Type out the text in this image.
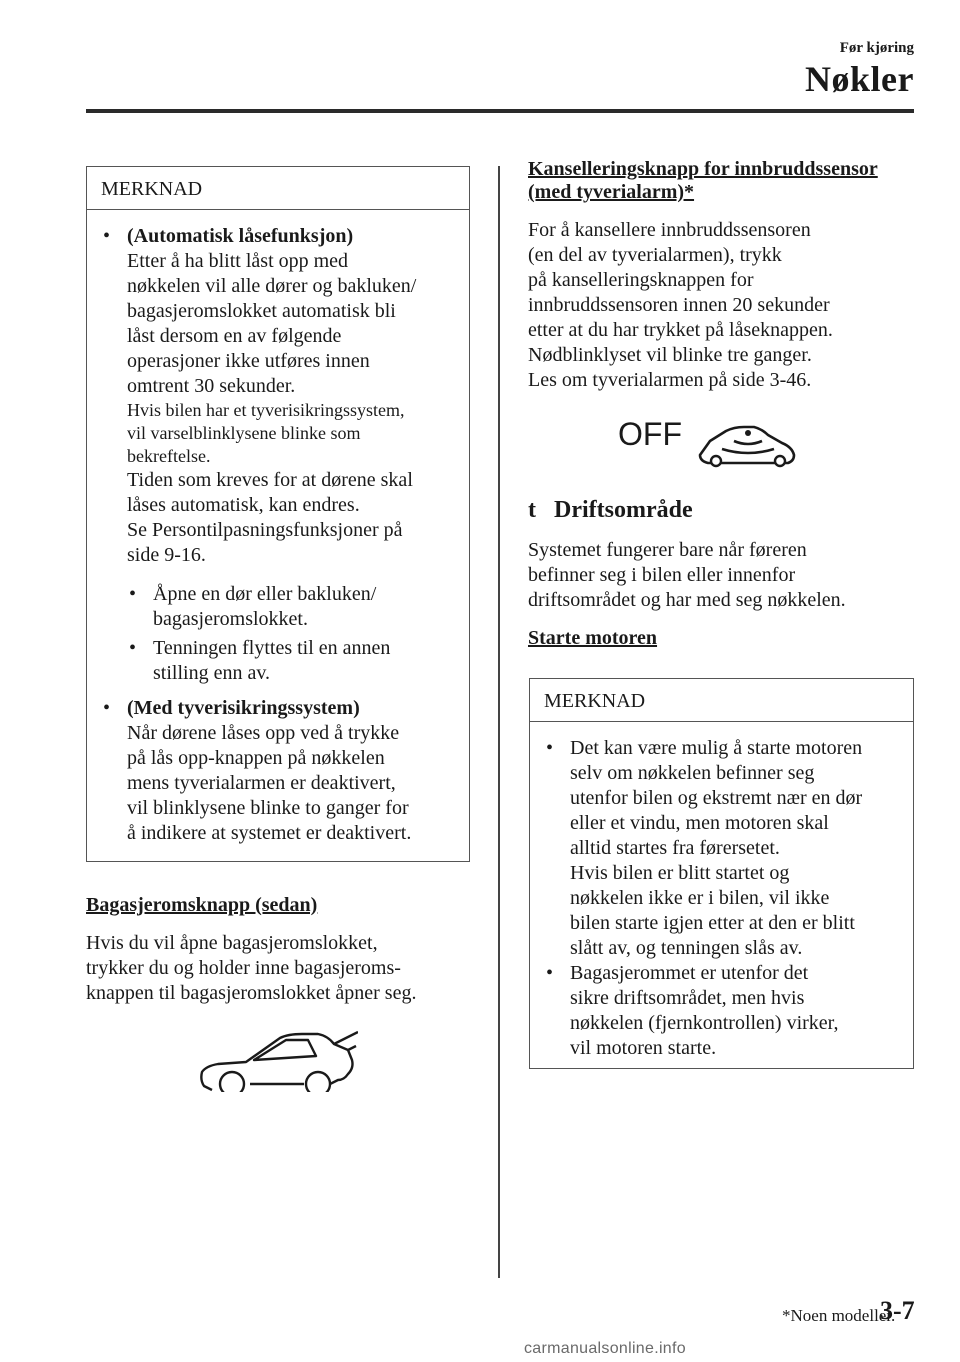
Før kjøring
Nøkler
MERKNAD
• (Automatisk låsefunksjon)
Etter å ha blitt låst opp med
nøkkelen vil alle dører og bakluken/
bagasjeromslokket automatisk bli
låst dersom en av følgende
operasjoner ikke utføres innen
omtrent 30 sekunder.
Hvis bilen har et tyverisikringssystem,
vil varselblinklysene blinke som
bekreftelse.
Tiden som kreves for at dørene skal
låses automatisk, kan endres.
Se Persontilpasningsfunksjoner på
side 9-16.
• Åpne en dør eller bakluken/
bagasjeromslokket.
• Tenningen flyttes til en annen
stilling enn av.
• (Med tyverisikringssystem)
Når dørene låses opp ved å trykke
på lås opp-knappen på nøkkelen
mens tyverialarmen er deaktivert,
vil blinklysene blinke to ganger for
å indikere at systemet er deaktivert.
Bagasjeromsknapp (sedan)
Hvis du vil åpne bagasjeromslokket,
trykker du og holder inne bagasjeroms-
knappen til bagasjeromslokket åpner seg.
Kanselleringsknapp for innbruddssensor
(med tyverialarm)*
For å kansellere innbruddssensoren
(en del av tyverialarmen), trykk
på kanselleringsknappen for
innbruddssensoren innen 20 sekunder
etter at du har trykket på låseknappen.
Nødblinklyset vil blinke tre ganger.
Les om tyverialarmen på side 3-46.
OFF
t Driftsområde
Systemet fungerer bare når føreren
befinner seg i bilen eller innenfor
driftsområdet og har med seg nøkkelen.
Starte motoren
MERKNAD
• Det kan være mulig å starte motoren
selv om nøkkelen befinner seg
utenfor bilen og ekstremt nær en dør
eller et vindu, men motoren skal
alltid startes fra førersetet.
Hvis bilen er blitt startet og
nøkkelen ikke er i bilen, vil ikke
bilen starte igjen etter at den er blitt
slått av, og tenningen slås av.
• Bagasjerommet er utenfor det
sikre driftsområdet, men hvis
nøkkelen (fjernkontrollen) virker,
vil motoren starte.
*Noen modeller.
3-7
carmanualsonline.info
